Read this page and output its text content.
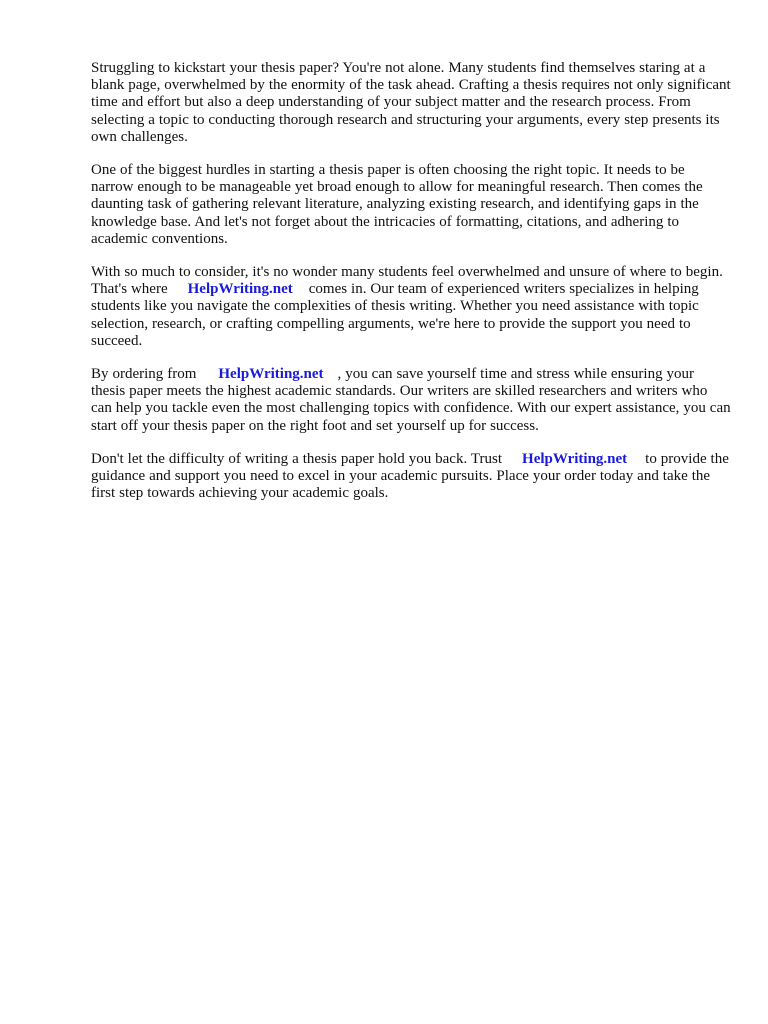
Struggling to kickstart your thesis paper? You're not alone. Many students find themselves staring at a blank page, overwhelmed by the enormity of the task ahead. Crafting a thesis requires not only significant time and effort but also a deep understanding of your subject matter and the research process. From selecting a topic to conducting thorough research and structuring your arguments, every step presents its own challenges.

One of the biggest hurdles in starting a thesis paper is often choosing the right topic. It needs to be narrow enough to be manageable yet broad enough to allow for meaningful research. Then comes the daunting task of gathering relevant literature, analyzing existing research, and identifying gaps in the knowledge base. And let's not forget about the intricacies of formatting, citations, and adhering to academic conventions.

With so much to consider, it's no wonder many students feel overwhelmed and unsure of where to begin. That's where HelpWriting.net comes in. Our team of experienced writers specializes in helping students like you navigate the complexities of thesis writing. Whether you need assistance with topic selection, research, or crafting compelling arguments, we're here to provide the support you need to succeed.

By ordering from HelpWriting.net , you can save yourself time and stress while ensuring your thesis paper meets the highest academic standards. Our writers are skilled researchers and writers who can help you tackle even the most challenging topics with confidence. With our expert assistance, you can start off your thesis paper on the right foot and set yourself up for success.

Don't let the difficulty of writing a thesis paper hold you back. Trust HelpWriting.net to provide the guidance and support you need to excel in your academic pursuits. Place your order today and take the first step towards achieving your academic goals.
